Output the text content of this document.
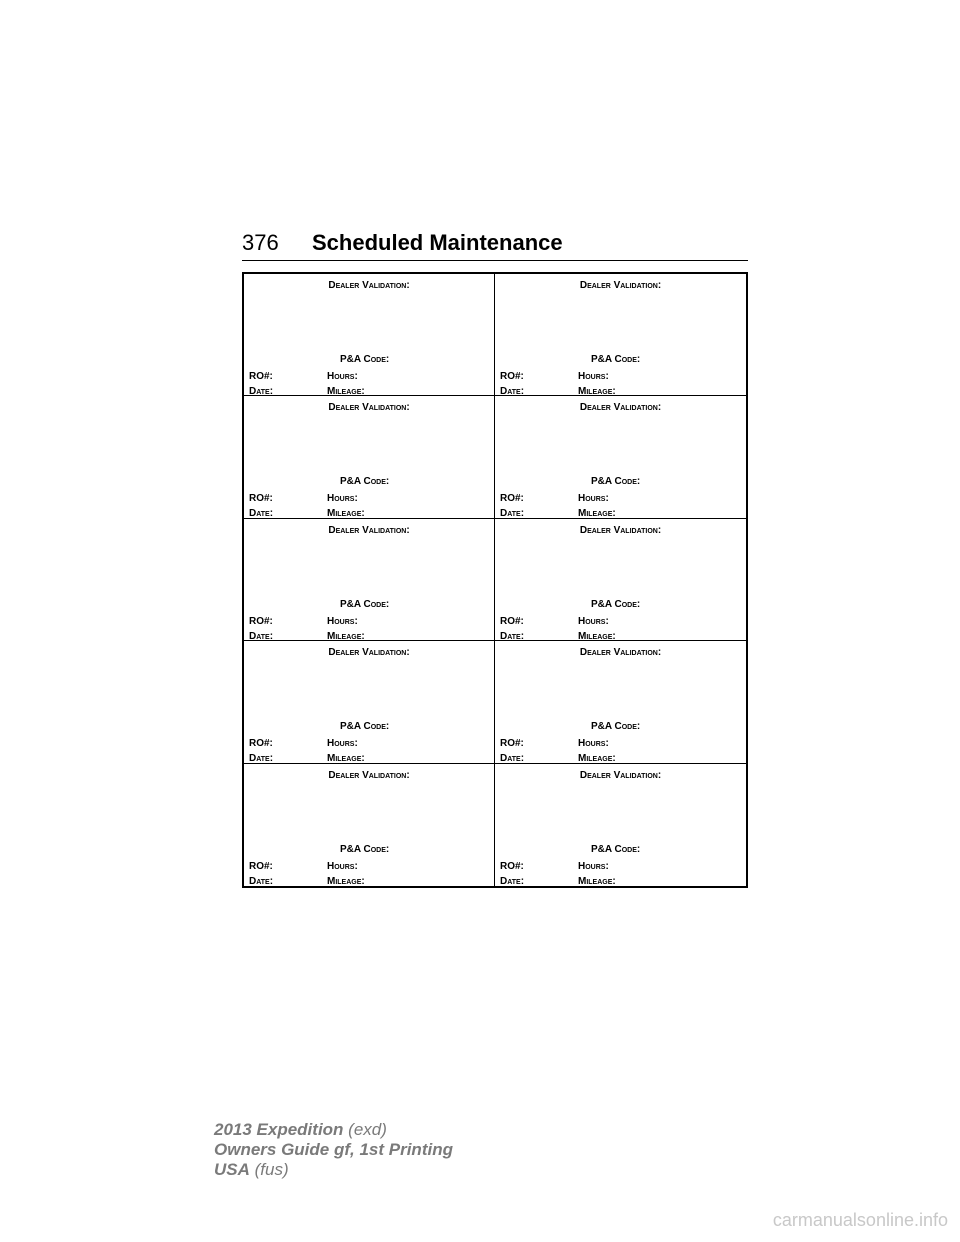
376 Scheduled Maintenance
Dealer Validation:
P&A Code:
RO#:	Hours:
Date:	Mileage:
Dealer Validation:
P&A Code:
RO#:	Hours:
Date:	Mileage:
Dealer Validation:
P&A Code:
RO#:	Hours:
Date:	Mileage:
Dealer Validation:
P&A Code:
RO#:	Hours:
Date:	Mileage:
Dealer Validation:
P&A Code:
RO#:	Hours:
Date:	Mileage:
Dealer Validation:
P&A Code:
RO#:	Hours:
Date:	Mileage:
Dealer Validation:
P&A Code:
RO#:	Hours:
Date:	Mileage:
Dealer Validation:
P&A Code:
RO#:	Hours:
Date:	Mileage:
Dealer Validation:
P&A Code:
RO#:	Hours:
Date:	Mileage:
Dealer Validation:
P&A Code:
RO#:	Hours:
Date:	Mileage:
2013 Expedition (exd)
Owners Guide gf, 1st Printing
USA (fus)
carmanualsonline.info
